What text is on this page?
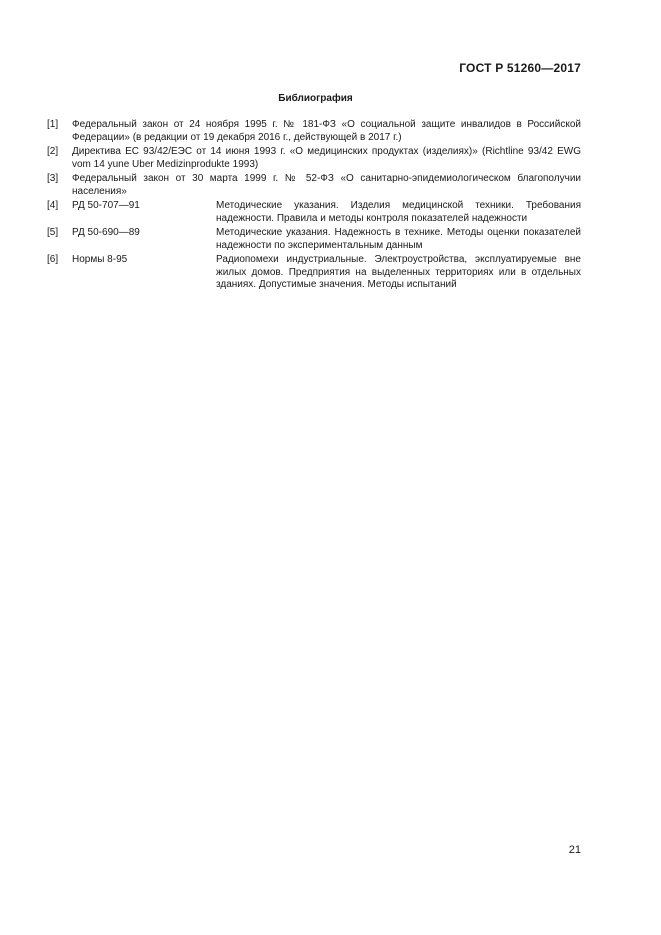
ГОСТ Р 51260—2017
Библиография
[1]	Федеральный закон от 24 ноября 1995 г. № 181-ФЗ «О социальной защите инвалидов в Российской Федерации» (в редакции от 19 декабря 2016 г., действующей в 2017 г.)
[2]	Директива ЕС 93/42/ЕЭС от 14 июня 1993 г. «О медицинских продуктах (изделиях)» (Richtline 93/42 EWG vom 14 yune Uber Medizinprodukte 1993)
[3]	Федеральный закон от 30 марта 1999 г. № 52-ФЗ «О санитарно-эпидемиологическом благополучии населения»
[4]	РД 50-707—91	Методические указания. Изделия медицинской техники. Требования надежности. Правила и методы контроля показателей надежности
[5]	РД 50-690—89	Методические указания. Надежность в технике. Методы оценки показателей надежности по экспериментальным данным
[6]	Нормы 8-95	Радиопомехи индустриальные. Электроустройства, эксплуатируемые вне жилых домов. Предприятия на выделенных территориях или в отдельных зданиях. Допустимые значения. Методы испытаний
21
